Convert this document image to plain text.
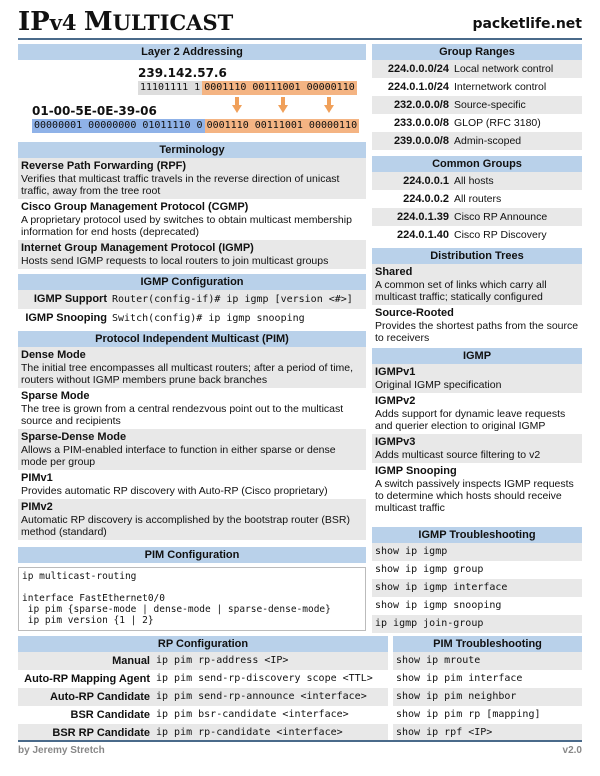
IPv4 MULTICAST	packetlife.net
Layer 2 Addressing
239.142.57.6
11101111 1 0001110 00111001 00000110
01-00-5E-0E-39-06
00000001 00000000 01011110 0 0001110 00111001 00000110
Terminology
Reverse Path Forwarding (RPF)
Verifies that multicast traffic travels in the reverse direction of unicast traffic, away from the tree root
Cisco Group Management Protocol (CGMP)
A proprietary protocol used by switches to obtain multicast membership information for end hosts (deprecated)
Internet Group Management Protocol (IGMP)
Hosts send IGMP requests to local routers to join multicast groups
IGMP Configuration
IGMP Support Router(config-if)# ip igmp [version <#>]
IGMP Snooping Switch(config)# ip igmp snooping
Protocol Independent Multicast (PIM)
Dense Mode
The initial tree encompasses all multicast routers; after a period of time, routers without IGMP members prune back branches
Sparse Mode
The tree is grown from a central rendezvous point out to the multicast source and recipients
Sparse-Dense Mode
Allows a PIM-enabled interface to function in either sparse or dense mode per group
PIMv1
Provides automatic RP discovery with Auto-RP (Cisco proprietary)
PIMv2
Automatic RP discovery is accomplished by the bootstrap router (BSR) method (standard)
PIM Configuration
ip multicast-routing

interface FastEthernet0/0
ip pim {sparse-mode | dense-mode | sparse-dense-mode}
ip pim version {1 | 2}
RP Configuration
Manual ip pim rp-address <IP>
Auto-RP Mapping Agent ip pim send-rp-discovery scope <TTL>
Auto-RP Candidate ip pim send-rp-announce <interface>
BSR Candidate ip pim bsr-candidate <interface>
BSR RP Candidate ip pim rp-candidate <interface>
Group Ranges
224.0.0.0/24 Local network control
224.0.1.0/24 Internetwork control
232.0.0.0/8 Source-specific
233.0.0.0/8 GLOP (RFC 3180)
239.0.0.0/8 Admin-scoped
Common Groups
224.0.0.1 All hosts
224.0.0.2 All routers
224.0.1.39 Cisco RP Announce
224.0.1.40 Cisco RP Discovery
Distribution Trees
Shared
A common set of links which carry all multicast traffic; statically configured
Source-Rooted
Provides the shortest paths from the source to receivers
IGMP
IGMPv1
Original IGMP specification
IGMPv2
Adds support for dynamic leave requests and querier election to original IGMP
IGMPv3
Adds multicast source filtering to v2
IGMP Snooping
A switch passively inspects IGMP requests to determine which hosts should receive multicast traffic
IGMP Troubleshooting
show ip igmp
show ip igmp group
show ip igmp interface
show ip igmp snooping
ip igmp join-group
PIM Troubleshooting
show ip mroute
show ip pim interface
show ip pim neighbor
show ip pim rp [mapping]
show ip rpf <IP>
by Jeremy Stretch	v2.0
